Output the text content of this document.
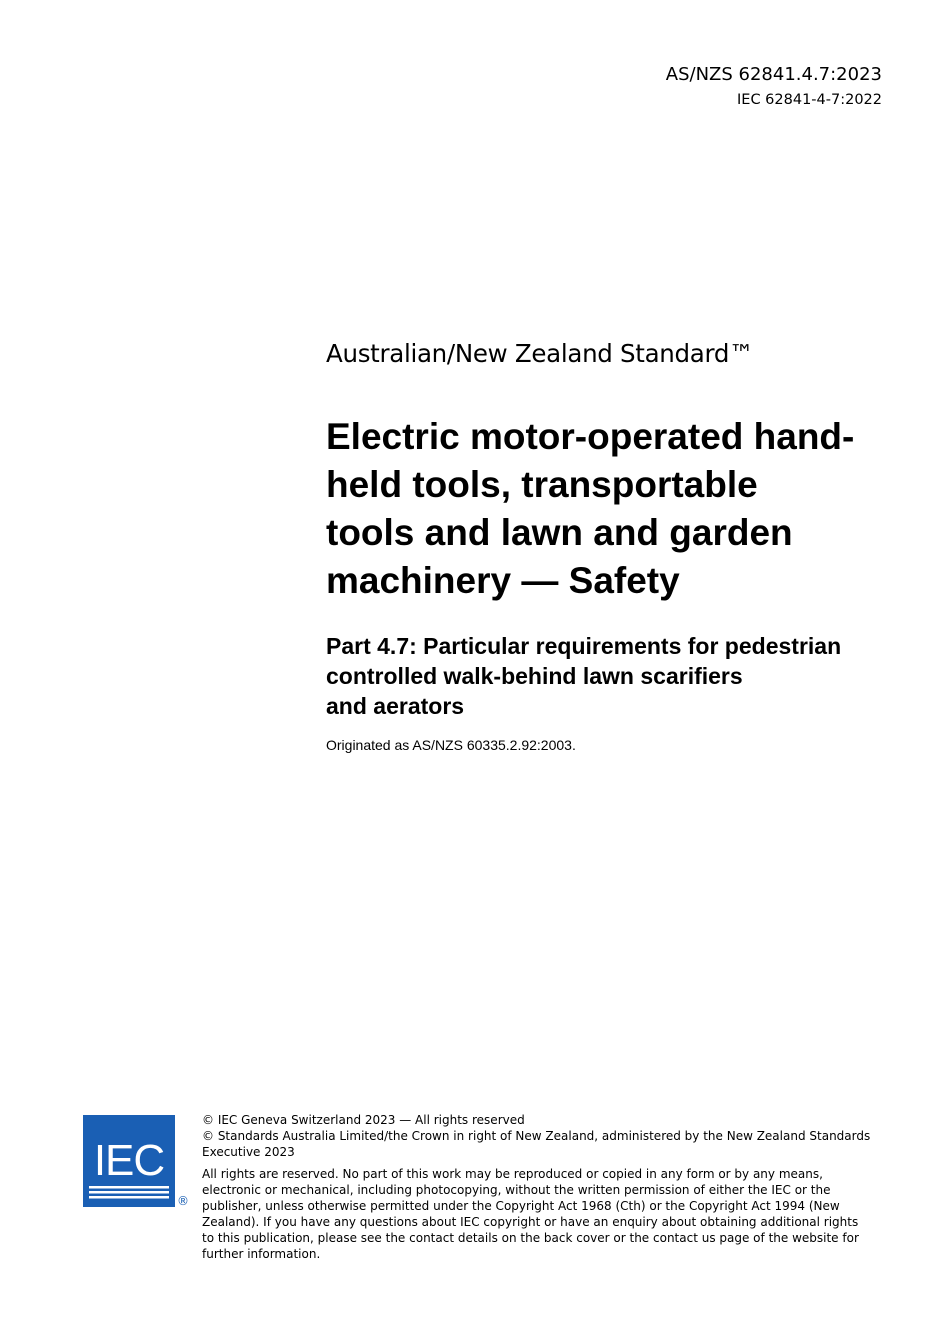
AS/NZS 62841.4.7:2023
IEC 62841-4-7:2022
Australian/New Zealand Standard™
Electric motor-operated hand-
held tools, transportable
tools and lawn and garden
machinery — Safety
Part 4.7: Particular requirements for pedestrian
controlled walk-behind lawn scarifiers
and aerators
Originated as AS/NZS 60335.2.92:2003.
IEC
®
© IEC Geneva Switzerland 2023 — All rights reserved
© Standards Australia Limited/the Crown in right of New Zealand, administered by the New Zealand Standards
Executive 2023
All rights are reserved. No part of this work may be reproduced or copied in any form or by any means,
electronic or mechanical, including photocopying, without the written permission of either the IEC or the
publisher, unless otherwise permitted under the Copyright Act 1968 (Cth) or the Copyright Act 1994 (New
Zealand). If you have any questions about IEC copyright or have an enquiry about obtaining additional rights
to this publication, please see the contact details on the back cover or the contact us page of the website for
further information.
